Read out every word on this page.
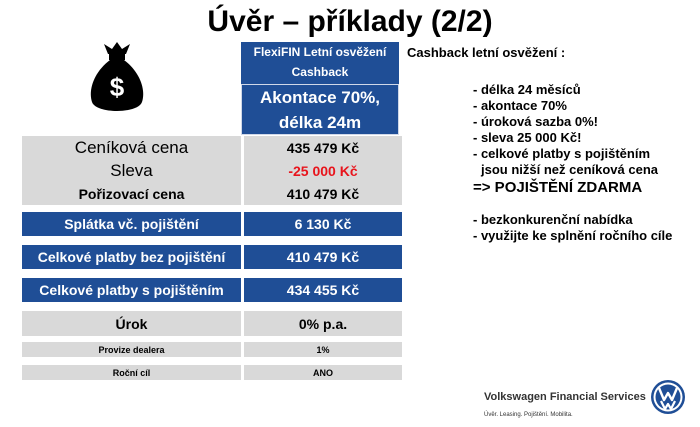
Úvěr – příklady (2/2)
$
FlexiFIN Letní osvěžení
Cashback
Akontace 70%,
délka 24m
Ceníková cena	435 479 Kč
Sleva	-25 000 Kč
Pořizovací cena	410 479 Kč
Splátka vč. pojištění	6 130 Kč
Celkové platby bez pojištění	410 479 Kč
Celkové platby s pojištěním	434 455 Kč
Úrok	0% p.a.
Provize dealera	1%
Roční cíl	ANO
Cashback letní osvěžení :
- délka 24 měsíců
- akontace 70%
- úroková sazba 0%!
- sleva 25 000 Kč!
- celkové platby s pojištěním
jsou nižší než ceníková cena
=> POJIŠTĚNÍ ZDARMA
- bezkonkurenční nabídka
- využijte ke splnění ročního cíle
Volkswagen Financial Services
Úvěr. Leasing. Pojištění. Mobilita.
